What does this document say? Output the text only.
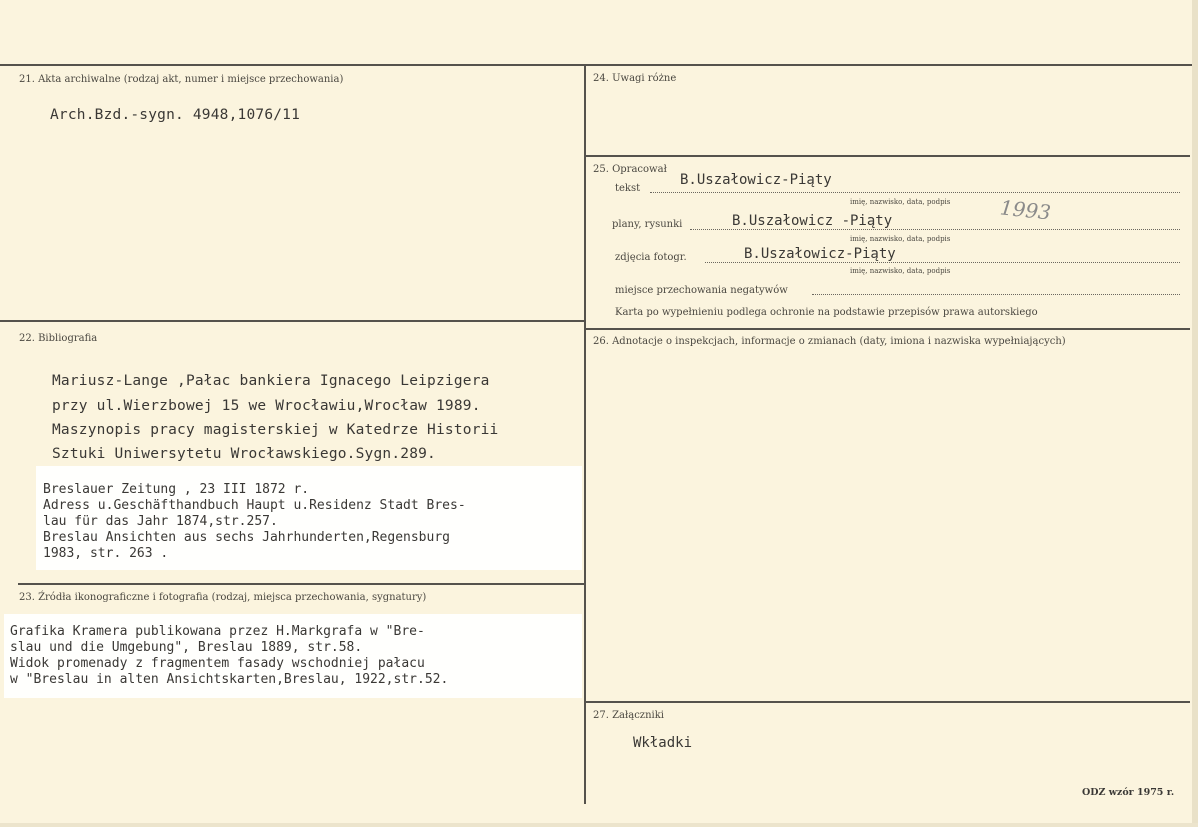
21. Akta archiwalne (rodzaj akt, numer i miejsce przechowania)
Arch.Bzd.-sygn. 4948,1076/11
22. Bibliografia
Mariusz-Lange ,Pałac bankiera Ignacego Leipzigera
przy ul.Wierzbowej 15 we Wrocławiu,Wrocław 1989.
Maszynopis pracy magisterskiej w Katedrze Historii
Sztuki Uniwersytetu Wrocławskiego.Sygn.289.
Breslauer Zeitung , 23 III 1872 r.
Adress u.Geschäfthandbuch Haupt u.Residenz Stadt Bres-
lau für das Jahr 1874,str.257.
Breslau Ansichten aus sechs Jahrhunderten,Regensburg
1983, str. 263 .
23. Źródła ikonograficzne i fotografia (rodzaj, miejsca przechowania, sygnatury)
Grafika Kramera publikowana przez H.Markgrafa w "Bre-
slau und die Umgebung", Breslau 1889, str.58.
Widok promenady z fragmentem fasady wschodniej pałacu
w "Breslau in alten Ansichtskarten,Breslau, 1922,str.52.
24. Uwagi różne
25. Opracował
tekst
B.Uszałowicz-Piąty
imię, nazwisko, data, podpis
plany, rysunki	B.Uszałowicz -Piąty	1993
imię, nazwisko, data, podpis
zdjęcia fotogr.	B.Uszałowicz-Piąty
imię, nazwisko, data, podpis
miejsce przechowania negatywów
Karta po wypełnieniu podlega ochronie na podstawie przepisów prawa autorskiego
26. Adnotacje o inspekcjach, informacje o zmianach (daty, imiona i nazwiska wypełniających)
27. Załączniki
Wkładki
ODZ wzór 1975 r.
